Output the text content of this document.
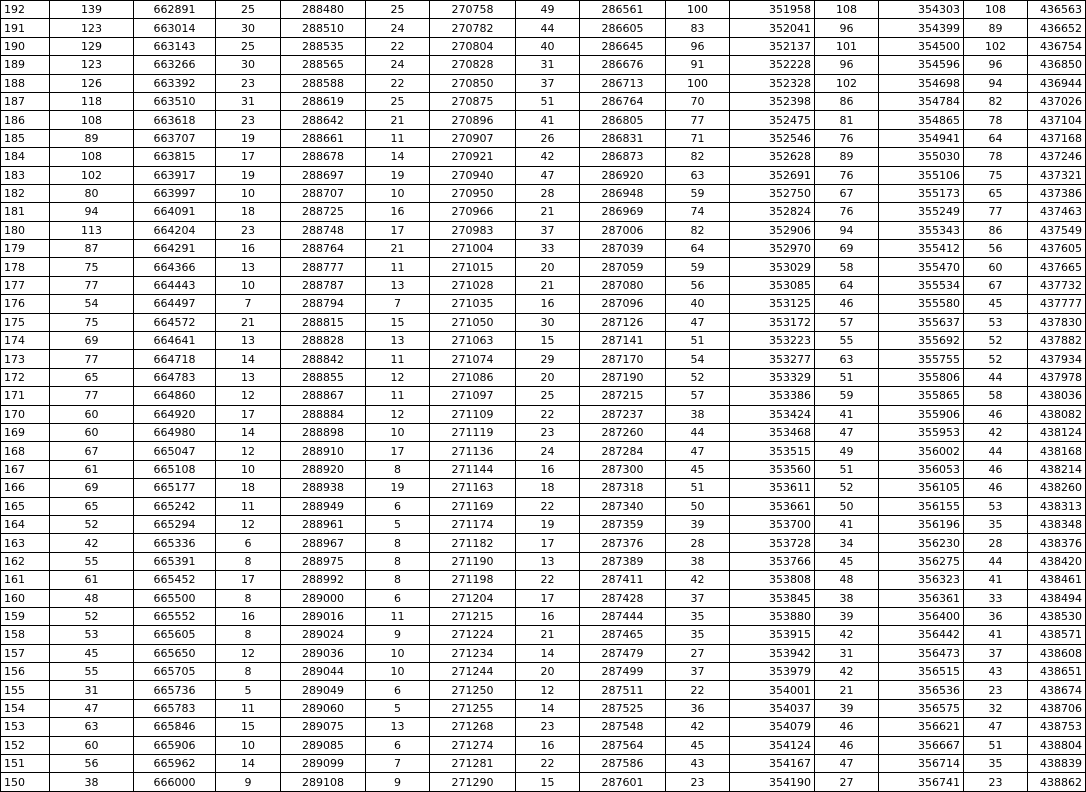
192	139	662891	25	288480	25	270758	49	286561	100	351958	108	354303	108	436563
191	123	663014	30	288510	24	270782	44	286605	83	352041	96	354399	89	436652
190	129	663143	25	288535	22	270804	40	286645	96	352137	101	354500	102	436754
189	123	663266	30	288565	24	270828	31	286676	91	352228	96	354596	96	436850
188	126	663392	23	288588	22	270850	37	286713	100	352328	102	354698	94	436944
187	118	663510	31	288619	25	270875	51	286764	70	352398	86	354784	82	437026
186	108	663618	23	288642	21	270896	41	286805	77	352475	81	354865	78	437104
185	89	663707	19	288661	11	270907	26	286831	71	352546	76	354941	64	437168
184	108	663815	17	288678	14	270921	42	286873	82	352628	89	355030	78	437246
183	102	663917	19	288697	19	270940	47	286920	63	352691	76	355106	75	437321
182	80	663997	10	288707	10	270950	28	286948	59	352750	67	355173	65	437386
181	94	664091	18	288725	16	270966	21	286969	74	352824	76	355249	77	437463
180	113	664204	23	288748	17	270983	37	287006	82	352906	94	355343	86	437549
179	87	664291	16	288764	21	271004	33	287039	64	352970	69	355412	56	437605
178	75	664366	13	288777	11	271015	20	287059	59	353029	58	355470	60	437665
177	77	664443	10	288787	13	271028	21	287080	56	353085	64	355534	67	437732
176	54	664497	7	288794	7	271035	16	287096	40	353125	46	355580	45	437777
175	75	664572	21	288815	15	271050	30	287126	47	353172	57	355637	53	437830
174	69	664641	13	288828	13	271063	15	287141	51	353223	55	355692	52	437882
173	77	664718	14	288842	11	271074	29	287170	54	353277	63	355755	52	437934
172	65	664783	13	288855	12	271086	20	287190	52	353329	51	355806	44	437978
171	77	664860	12	288867	11	271097	25	287215	57	353386	59	355865	58	438036
170	60	664920	17	288884	12	271109	22	287237	38	353424	41	355906	46	438082
169	60	664980	14	288898	10	271119	23	287260	44	353468	47	355953	42	438124
168	67	665047	12	288910	17	271136	24	287284	47	353515	49	356002	44	438168
167	61	665108	10	288920	8	271144	16	287300	45	353560	51	356053	46	438214
166	69	665177	18	288938	19	271163	18	287318	51	353611	52	356105	46	438260
165	65	665242	11	288949	6	271169	22	287340	50	353661	50	356155	53	438313
164	52	665294	12	288961	5	271174	19	287359	39	353700	41	356196	35	438348
163	42	665336	6	288967	8	271182	17	287376	28	353728	34	356230	28	438376
162	55	665391	8	288975	8	271190	13	287389	38	353766	45	356275	44	438420
161	61	665452	17	288992	8	271198	22	287411	42	353808	48	356323	41	438461
160	48	665500	8	289000	6	271204	17	287428	37	353845	38	356361	33	438494
159	52	665552	16	289016	11	271215	16	287444	35	353880	39	356400	36	438530
158	53	665605	8	289024	9	271224	21	287465	35	353915	42	356442	41	438571
157	45	665650	12	289036	10	271234	14	287479	27	353942	31	356473	37	438608
156	55	665705	8	289044	10	271244	20	287499	37	353979	42	356515	43	438651
155	31	665736	5	289049	6	271250	12	287511	22	354001	21	356536	23	438674
154	47	665783	11	289060	5	271255	14	287525	36	354037	39	356575	32	438706
153	63	665846	15	289075	13	271268	23	287548	42	354079	46	356621	47	438753
152	60	665906	10	289085	6	271274	16	287564	45	354124	46	356667	51	438804
151	56	665962	14	289099	7	271281	22	287586	43	354167	47	356714	35	438839
150	38	666000	9	289108	9	271290	15	287601	23	354190	27	356741	23	438862
